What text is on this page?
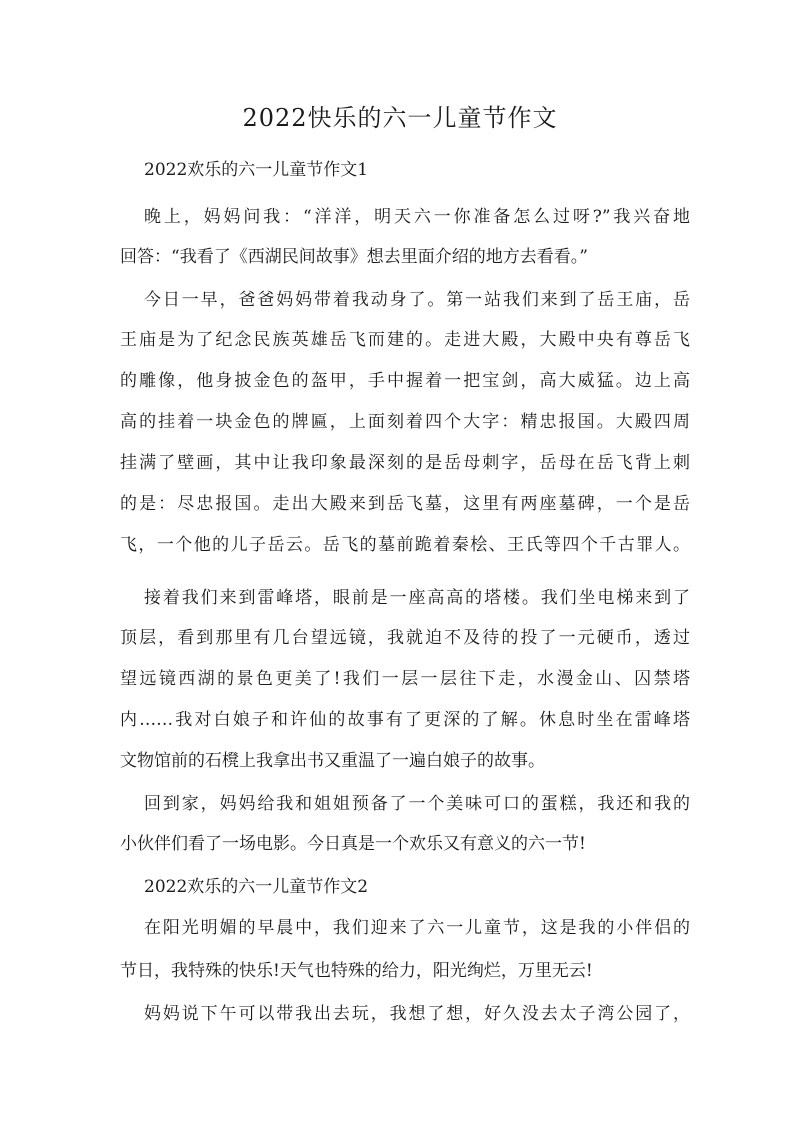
2022快乐的六一儿童节作文
2022欢乐的六一儿童节作文1
晚上，妈妈问我：“洋洋，明天六一你准备怎么过呀?”我兴奋地
回答：“我看了《西湖民间故事》想去里面介绍的地方去看看。”
今日一早，爸爸妈妈带着我动身了。第一站我们来到了岳王庙，岳
王庙是为了纪念民族英雄岳飞而建的。走进大殿，大殿中央有尊岳飞
的雕像，他身披金色的盔甲，手中握着一把宝剑，高大威猛。边上高
高的挂着一块金色的牌匾，上面刻着四个大字：精忠报国。大殿四周
挂满了壁画，其中让我印象最深刻的是岳母刺字，岳母在岳飞背上刺
的是：尽忠报国。走出大殿来到岳飞墓，这里有两座墓碑，一个是岳
飞，一个他的儿子岳云。岳飞的墓前跪着秦桧、王氏等四个千古罪人。
接着我们来到雷峰塔，眼前是一座高高的塔楼。我们坐电梯来到了
顶层，看到那里有几台望远镜，我就迫不及待的投了一元硬币，透过
望远镜西湖的景色更美了!我们一层一层往下走，水漫金山、囚禁塔
内……我对白娘子和许仙的故事有了更深的了解。休息时坐在雷峰塔
文物馆前的石櫈上我拿出书又重温了一遍白娘子的故事。
回到家，妈妈给我和姐姐预备了一个美味可口的蛋糕，我还和我的
小伙伴们看了一场电影。今日真是一个欢乐又有意义的六一节!
2022欢乐的六一儿童节作文2
在阳光明媚的早晨中，我们迎来了六一儿童节，这是我的小伴侣的
节日，我特殊的快乐!天气也特殊的给力，阳光绚烂，万里无云!
妈妈说下午可以带我出去玩，我想了想，好久没去太子湾公园了，
